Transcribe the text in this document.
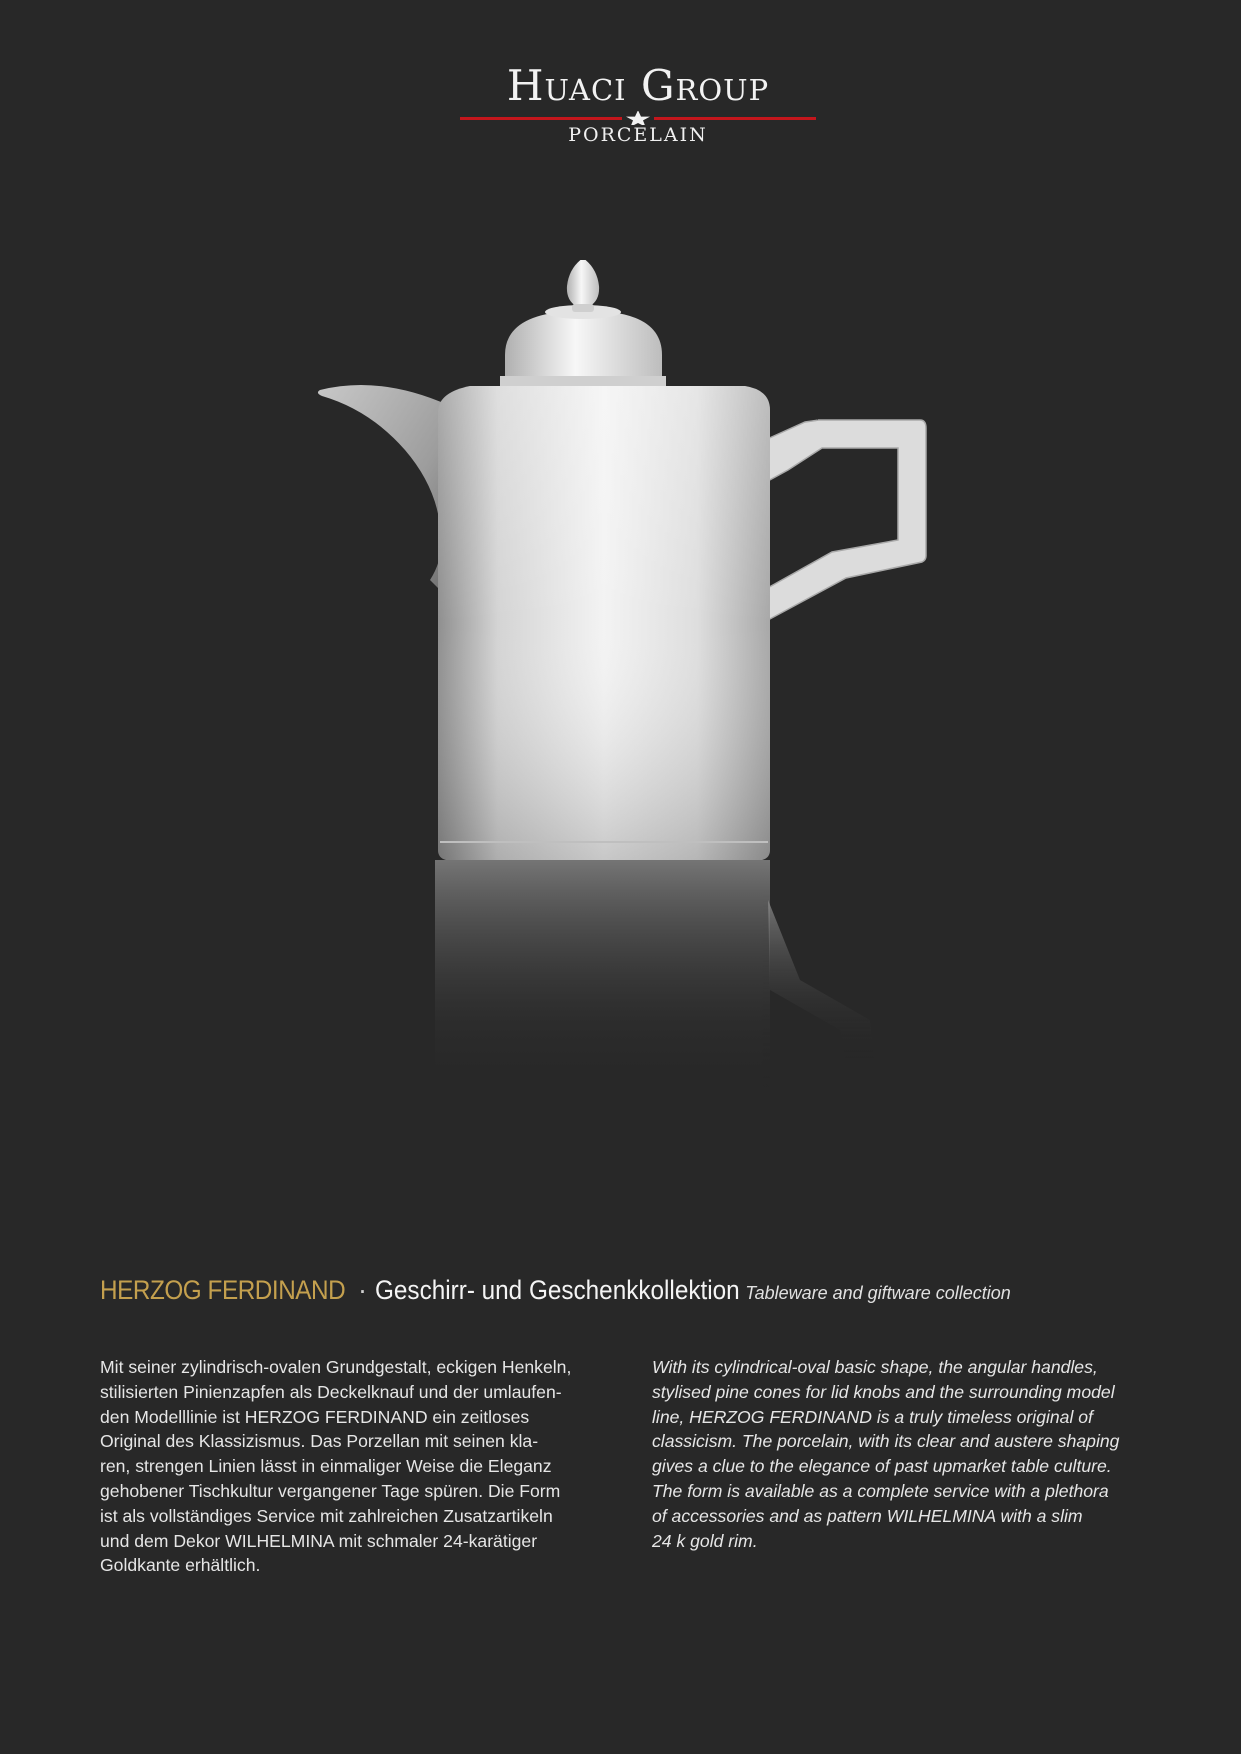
Huaci Group
PORCELAIN
HERZOG FERDINAND · Geschirr- und Geschenkkollektion Tableware and giftware collection
Mit seiner zylindrisch-ovalen Grundgestalt, eckigen Henkeln,
stilisierten Pinienzapfen als Deckelknauf und der umlaufen-
den Modelllinie ist HERZOG FERDINAND ein zeitloses
Original des Klassizismus. Das Porzellan mit seinen kla-
ren, strengen Linien lässt in einmaliger Weise die Eleganz
gehobener Tischkultur vergangener Tage spüren. Die Form
ist als vollständiges Service mit zahlreichen Zusatzartikeln
und dem Dekor WILHELMINA mit schmaler 24-karätiger
Goldkante erhältlich.
With its cylindrical-oval basic shape, the angular handles,
stylised pine cones for lid knobs and the surrounding model
line, HERZOG FERDINAND is a truly timeless original of
classicism. The porcelain, with its clear and austere shaping
gives a clue to the elegance of past upmarket table culture.
The form is available as a complete service with a plethora
of accessories and as pattern WILHELMINA with a slim
24 k gold rim.
